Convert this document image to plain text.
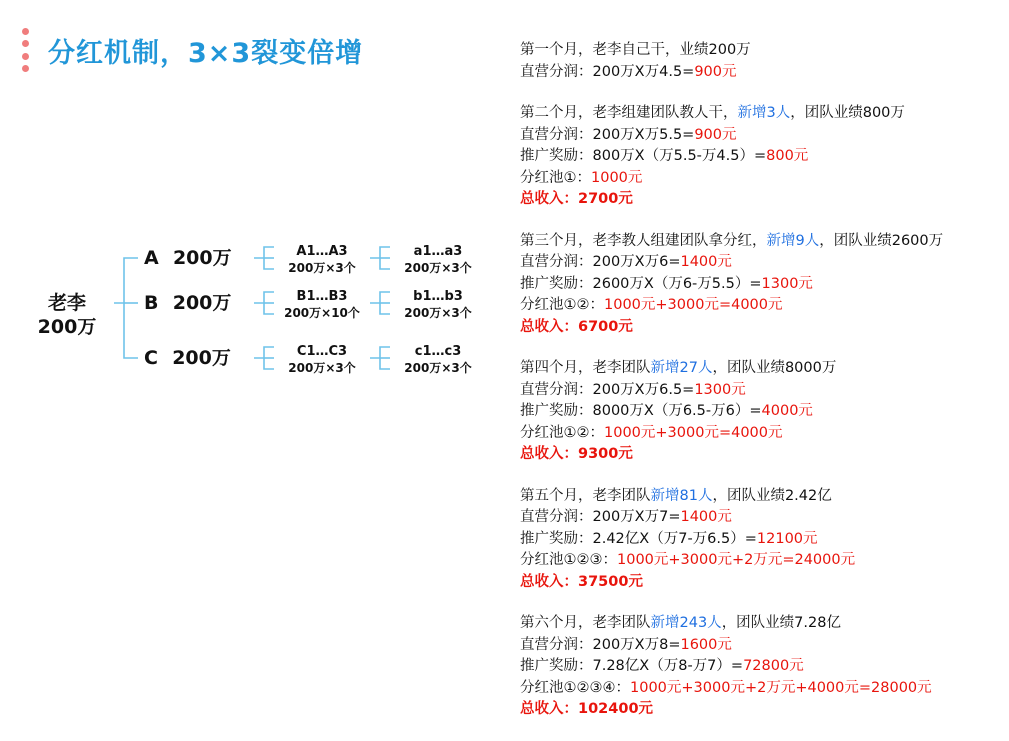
分红机制，3×3裂变倍增
老李
200万
A 200万
B 200万
C 200万
A1…A3
200万×3个
B1…B3
200万×10个
C1…C3
200万×3个
a1…a3
200万×3个
b1…b3
200万×3个
c1…c3
200万×3个
第一个月，老李自己干，业绩200万
直营分润：200万X万4.5=900元
第二个月，老李组建团队教人干，新增3人，团队业绩800万
直营分润：200万X万5.5=900元
推广奖励：800万X（万5.5-万4.5）=800元
分红池①：1000元
总收入：2700元
第三个月，老李教人组建团队拿分红，新增9人，团队业绩2600万
直营分润：200万X万6=1400元
推广奖励：2600万X（万6-万5.5）=1300元
分红池①②：1000元+3000元=4000元
总收入：6700元
第四个月，老李团队新增27人，团队业绩8000万
直营分润：200万X万6.5=1300元
推广奖励：8000万X（万6.5-万6）=4000元
分红池①②：1000元+3000元=4000元
总收入：9300元
第五个月，老李团队新增81人，团队业绩2.42亿
直营分润：200万X万7=1400元
推广奖励：2.42亿X（万7-万6.5）=12100元
分红池①②③：1000元+3000元+2万元=24000元
总收入：37500元
第六个月，老李团队新增243人，团队业绩7.28亿
直营分润：200万X万8=1600元
推广奖励：7.28亿X（万8-万7）=72800元
分红池①②③④：1000元+3000元+2万元+4000元=28000元
总收入：102400元
